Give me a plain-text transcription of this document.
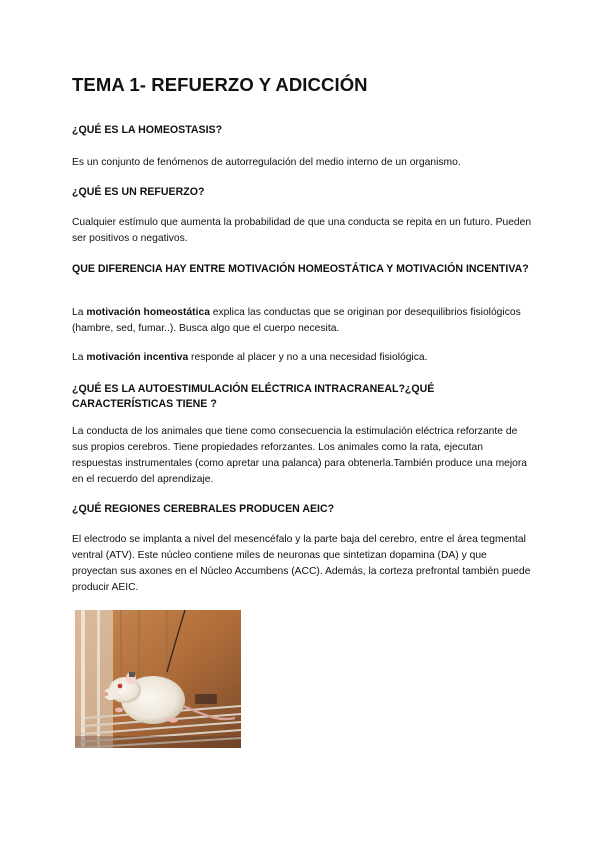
TEMA 1- REFUERZO Y ADICCIÓN
¿QUÉ ES LA HOMEOSTASIS?

Es un conjunto de fenómenos de autorregulación del medio interno de un organismo.

¿QUÉ ES UN REFUERZO?

Cualquier estímulo que aumenta la probabilidad de que una conducta se repita en un futuro. Pueden ser positivos o negativos.

QUE DIFERENCIA HAY ENTRE MOTIVACIÓN HOMEOSTÁTICA Y MOTIVACIÓN INCENTIVA?

La motivación homeostática explica las conductas que se originan por desequilibrios fisiológicos (hambre, sed, fumar..). Busca algo que el cuerpo necesita.

La motivación incentiva responde al placer y no a una necesidad fisiológica.

¿QUÉ ES LA AUTOESTIMULACIÓN ELÉCTRICA INTRACRANEAL?¿QUÉ CARACTERÍSTICAS TIENE ?

La conducta de los animales que tiene como consecuencia la estimulación eléctrica reforzante de sus propios cerebros. Tiene propiedades reforzantes. Los animales como la rata, ejecutan respuestas instrumentales (como apretar una palanca) para obtenerla.También produce una mejora en el recuerdo del aprendizaje.

¿QUÉ REGIONES CEREBRALES PRODUCEN AEIC?

El electrodo se implanta a nivel del mesencéfalo y la parte baja del cerebro, entre el área tegmental ventral (ATV). Este núcleo contiene miles de neuronas que sintetizan dopamina (DA) y que proyectan sus axones en el Núcleo Accumbens (ACC). Además, la corteza prefrontal también puede producir AEIC.
